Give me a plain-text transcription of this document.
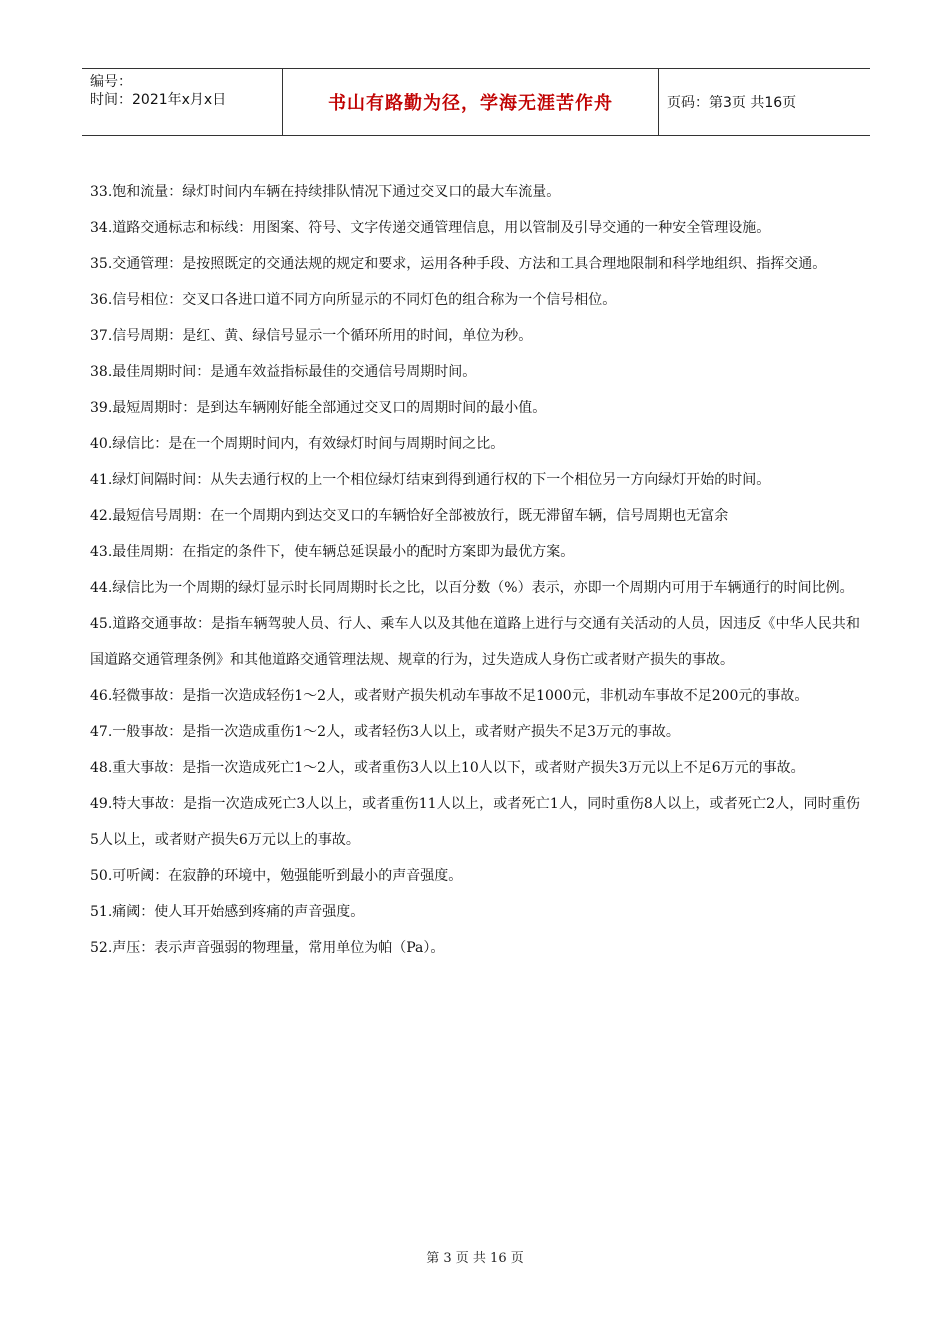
编号：
时间：2021年x月x日	书山有路勤为径，学海无涯苦作舟	页码：第3页 共16页

33.饱和流量：绿灯时间内车辆在持续排队情况下通过交叉口的最大车流量。

34.道路交通标志和标线：用图案、符号、文字传递交通管理信息，用以管制及引导交通的一种安全管理设施。

35.交通管理：是按照既定的交通法规的规定和要求，运用各种手段、方法和工具合理地限制和科学地组织、指挥交通。

36.信号相位：交叉口各进口道不同方向所显示的不同灯色的组合称为一个信号相位。

37.信号周期：是红、黄、绿信号显示一个循环所用的时间，单位为秒。

38.最佳周期时间：是通车效益指标最佳的交通信号周期时间。

39.最短周期时：是到达车辆刚好能全部通过交叉口的周期时间的最小值。

40.绿信比：是在一个周期时间内，有效绿灯时间与周期时间之比。

41.绿灯间隔时间：从失去通行权的上一个相位绿灯结束到得到通行权的下一个相位另一方向绿灯开始的时间。

42.最短信号周期：在一个周期内到达交叉口的车辆恰好全部被放行，既无滞留车辆，信号周期也无富余

43.最佳周期：在指定的条件下，使车辆总延误最小的配时方案即为最优方案。

44.绿信比为一个周期的绿灯显示时长同周期时长之比，以百分数（%）表示，亦即一个周期内可用于车辆通行的时间比例。

45.道路交通事故：是指车辆驾驶人员、行人、乘车人以及其他在道路上进行与交通有关活动的人员，因违反《中华人民共和国道路交通管理条例》和其他道路交通管理法规、规章的行为，过失造成人身伤亡或者财产损失的事故。

46.轻微事故：是指一次造成轻伤1～2人，或者财产损失机动车事故不足1000元，非机动车事故不足200元的事故。

47.一般事故：是指一次造成重伤1～2人，或者轻伤3人以上，或者财产损失不足3万元的事故。

48.重大事故：是指一次造成死亡1～2人，或者重伤3人以上10人以下，或者财产损失3万元以上不足6万元的事故。

49.特大事故：是指一次造成死亡3人以上，或者重伤11人以上，或者死亡1人，同时重伤8人以上，或者死亡2人，同时重伤5人以上，或者财产损失6万元以上的事故。

50.可听阈：在寂静的环境中，勉强能听到最小的声音强度。

51.痛阈：使人耳开始感到疼痛的声音强度。

52.声压：表示声音强弱的物理量，常用单位为帕（Pa）。

第 3 页 共 16 页
